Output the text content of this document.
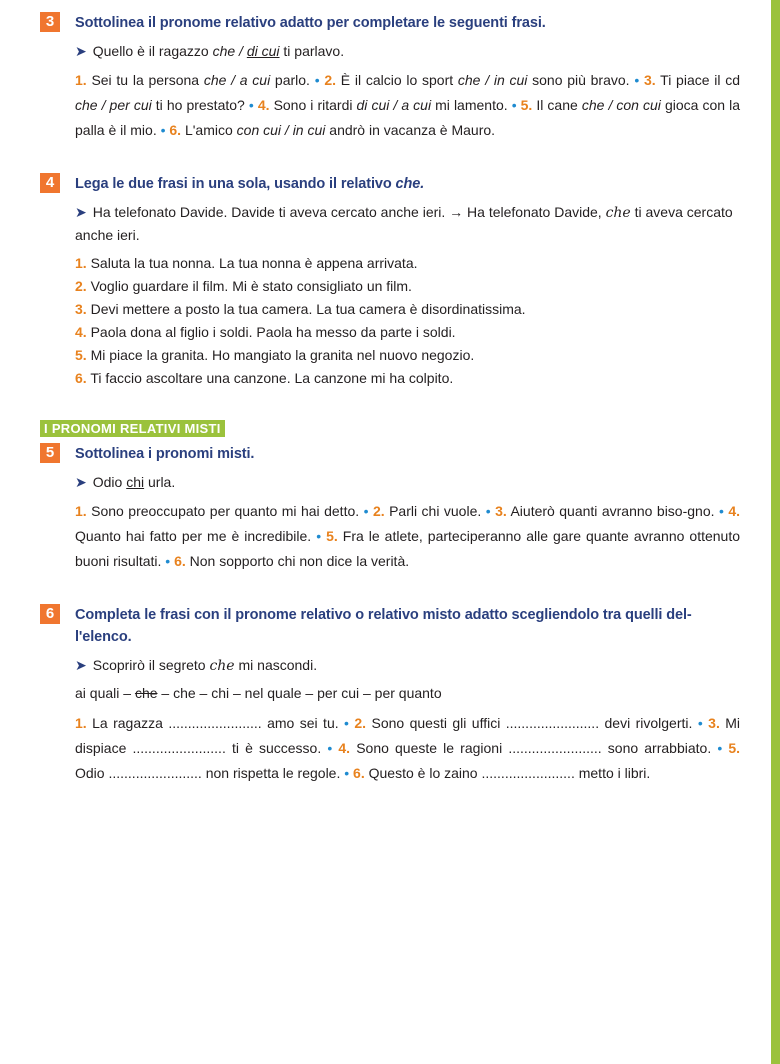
3	Sottolinea il pronome relativo adatto per completare le seguenti frasi.
➤ Quello è il ragazzo che / di cui ti parlavo.
1. Sei tu la persona che / a cui parlo. • 2. È il calcio lo sport che / in cui sono più bravo. • 3. Ti piace il cd che / per cui ti ho prestato? • 4. Sono i ritardi di cui / a cui mi lamento. • 5. Il cane che / con cui gioca con la palla è il mio. • 6. L'amico con cui / in cui andrò in vacanza è Mauro.
4	Lega le due frasi in una sola, usando il relativo che.
➤ Ha telefonato Davide. Davide ti aveva cercato anche ieri. → Ha telefonato Davide, che ti aveva cercato anche ieri.
1. Saluta la tua nonna. La tua nonna è appena arrivata.
2. Voglio guardare il film. Mi è stato consigliato un film.
3. Devi mettere a posto la tua camera. La tua camera è disordinatissima.
4. Paola dona al figlio i soldi. Paola ha messo da parte i soldi.
5. Mi piace la granita. Ho mangiato la granita nel nuovo negozio.
6. Ti faccio ascoltare una canzone. La canzone mi ha colpito.
I PRONOMI RELATIVI MISTI
5	Sottolinea i pronomi misti.
➤ Odio chi urla.
1. Sono preoccupato per quanto mi hai detto. • 2. Parli chi vuole. • 3. Aiuterò quanti avranno biso-gno. • 4. Quanto hai fatto per me è incredibile. • 5. Fra le atlete, parteciperanno alle gare quante avranno ottenuto buoni risultati. • 6. Non sopporto chi non dice la verità.
6	Completa le frasi con il pronome relativo o relativo misto adatto scegliendolo tra quelli del-l'elenco.
➤ Scoprirò il segreto che mi nascondi.
ai quali – che – che – chi – nel quale – per cui – per quanto
1. La ragazza ........................ amo sei tu. • 2. Sono questi gli uffici ........................ devi rivolgerti. • 3. Mi dispiace ........................ ti è successo. • 4. Sono queste le ragioni ........................ sono arrabbiato. • 5. Odio ........................ non rispetta le regole. • 6. Questo è lo zaino ........................ metto i libri.
